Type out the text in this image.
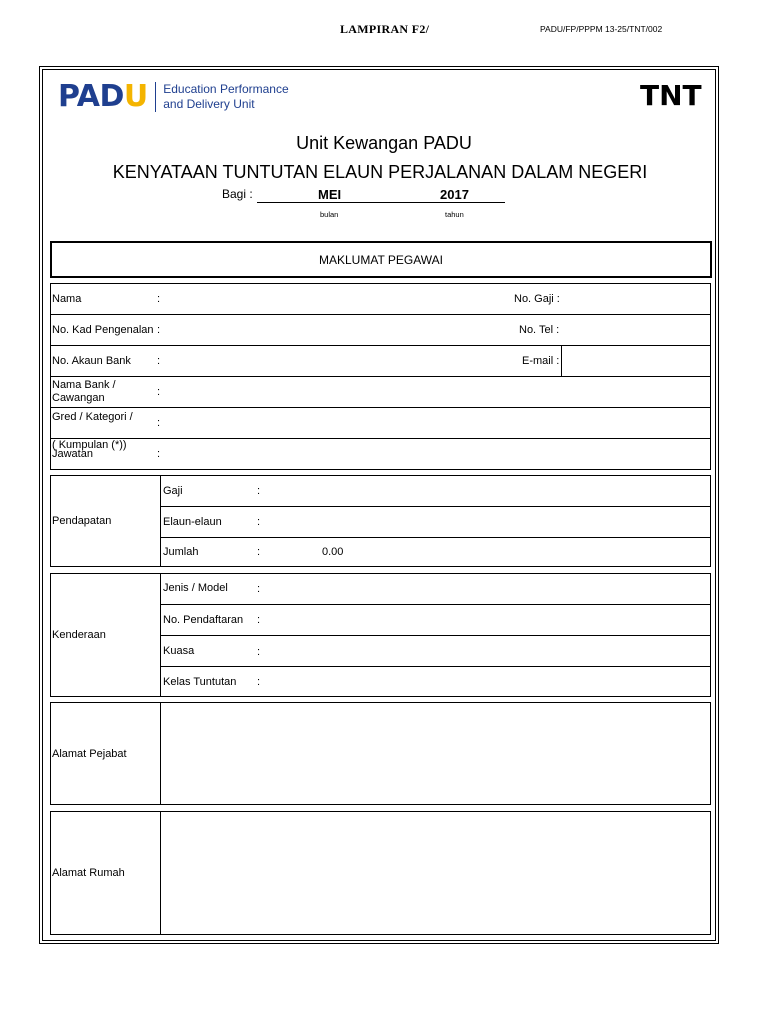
LAMPIRAN F2/	PADU/FP/PPPM 13-25/TNT/002
PADU Education Performance
and Delivery Unit	TNT
Unit Kewangan PADU
KENYATAAN TUNTUTAN ELAUN PERJALANAN DALAM NEGERI
Bagi :	MEI	2017
bulan	tahun
MAKLUMAT PEGAWAI
Nama	:	No. Gaji :
No. Kad Pengenalan :	No. Tel :
No. Akaun Bank :	E-mail :
Nama Bank /
Cawangan	:
Gred / Kategori /
( Kumpulan (*))
:
Jawatan	:
Pendapatan
Gaji	:
Elaun-elaun	:
Jumlah	:	0.00
Kenderaan
Jenis / Model	:
No. Pendaftaran :
Kuasa	:
Kelas Tuntutan :
Alamat Pejabat
Alamat Rumah
